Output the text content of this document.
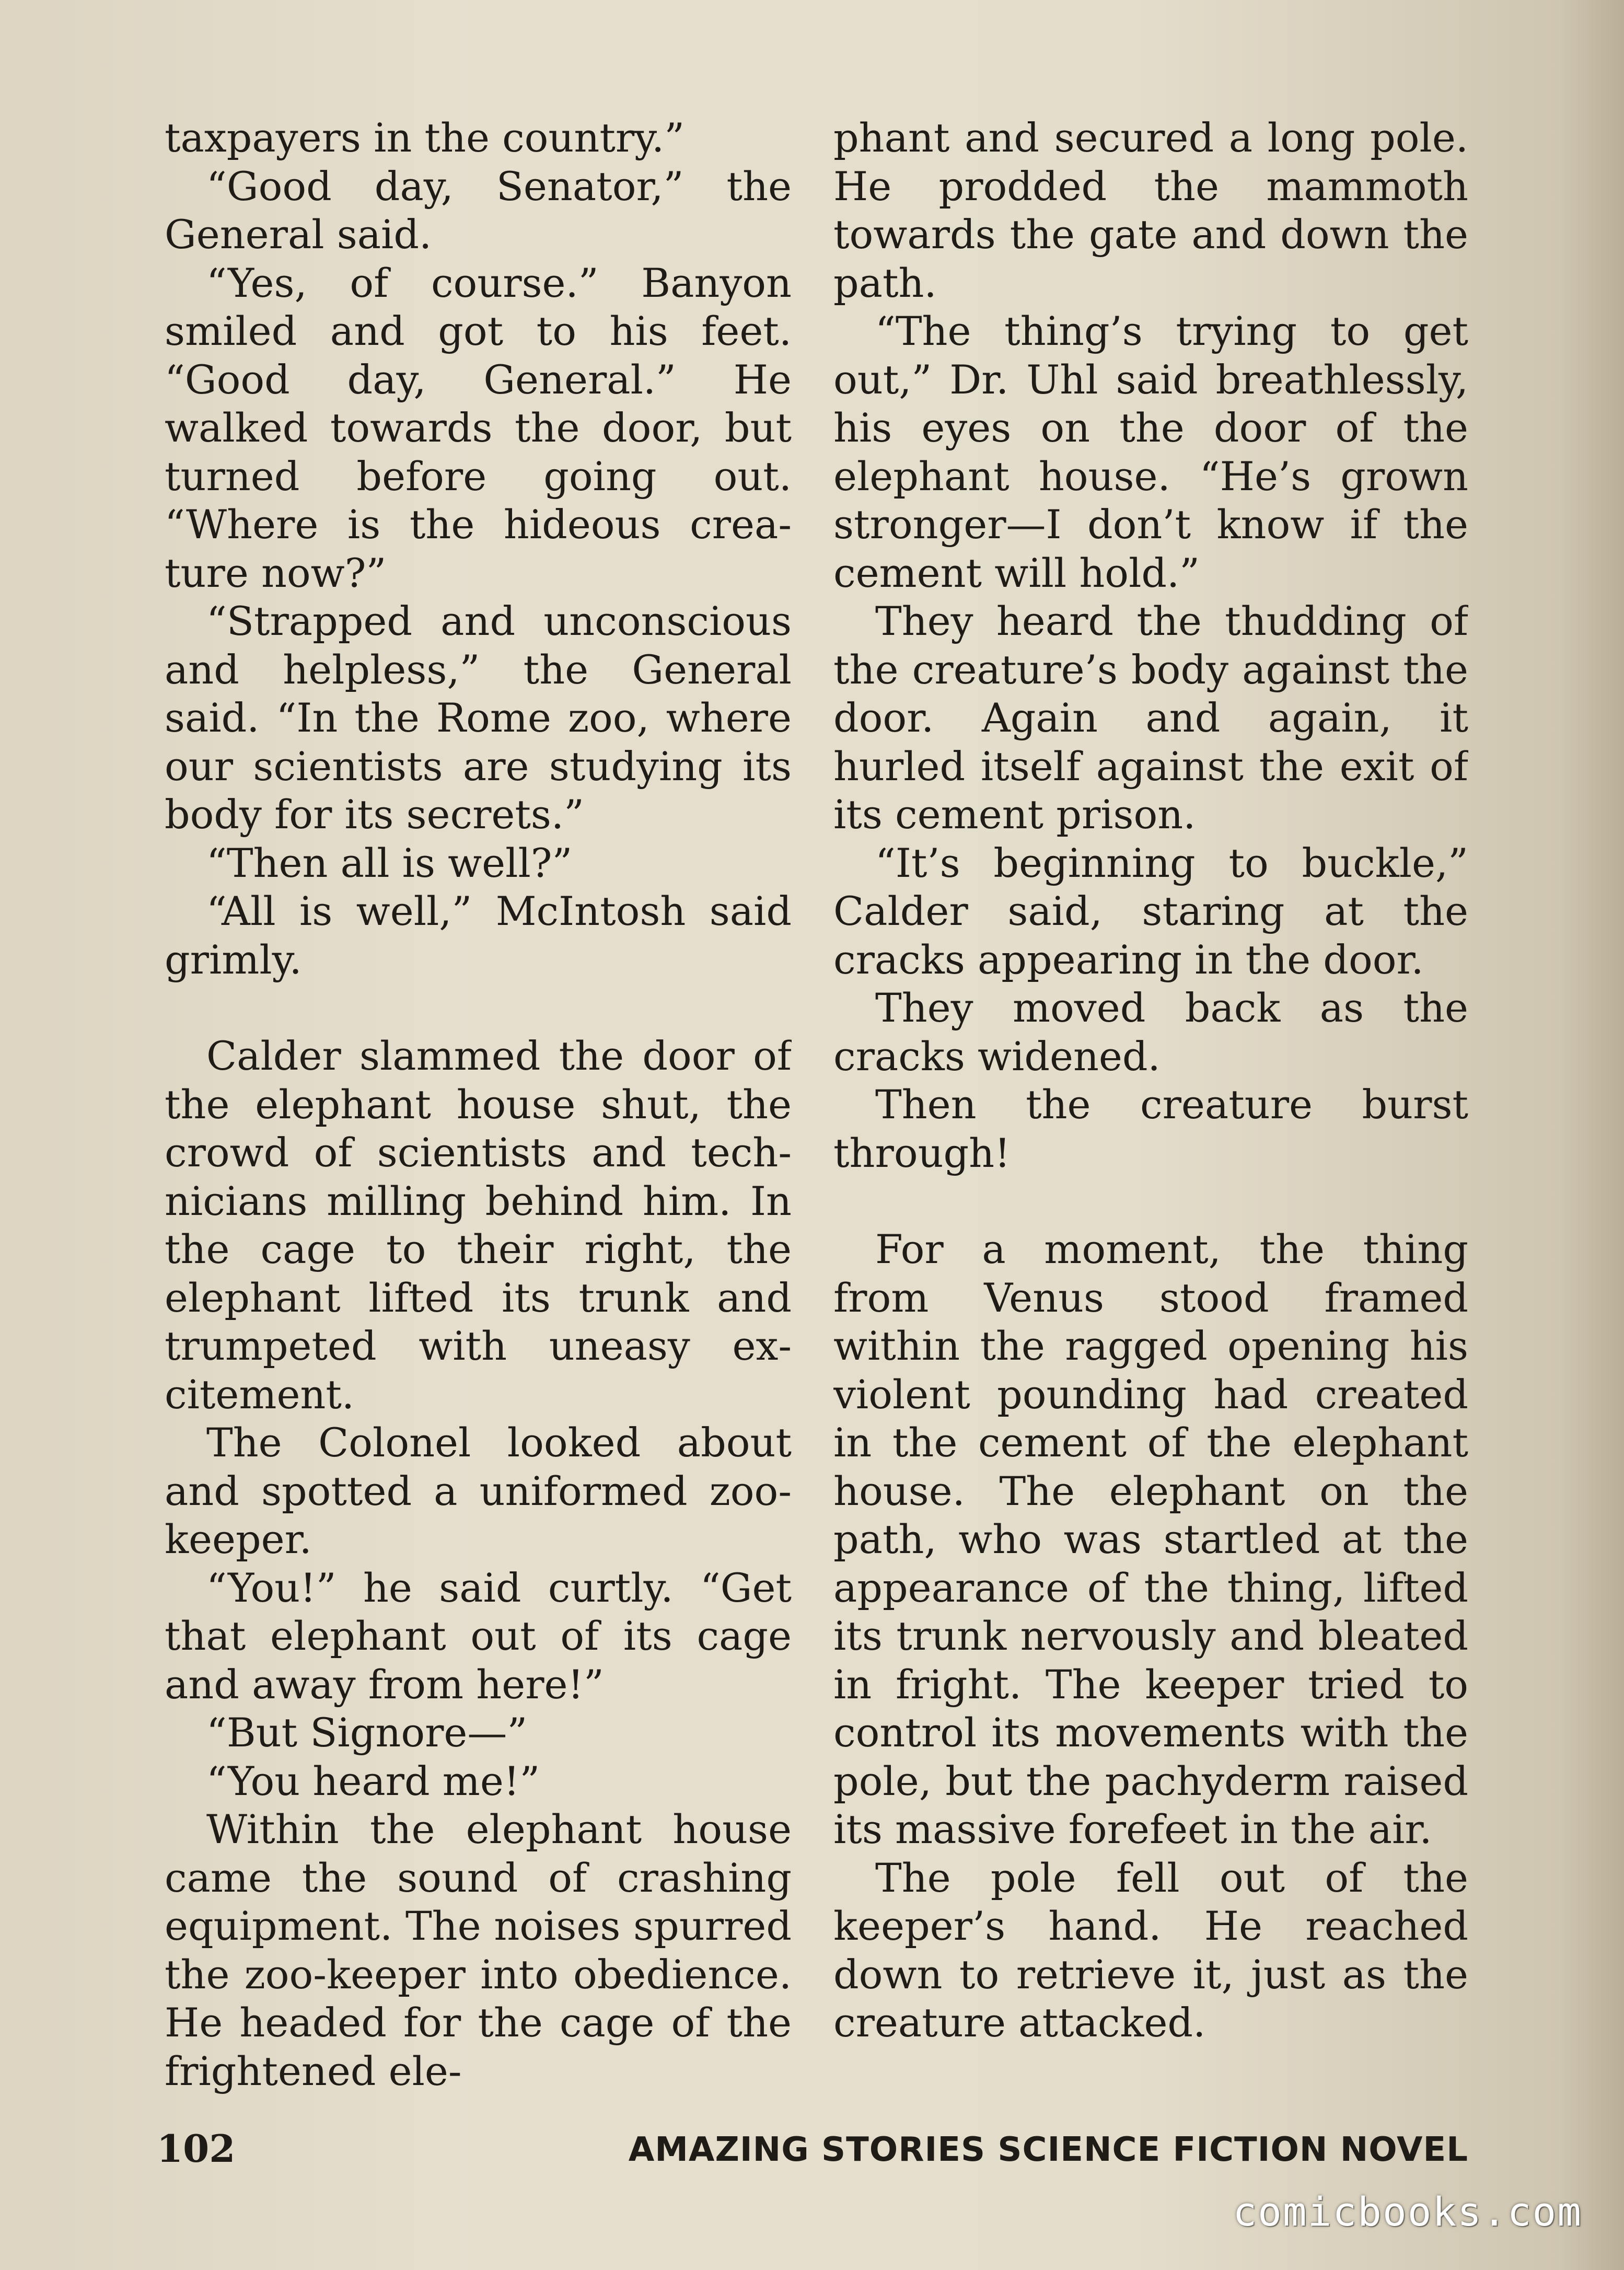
taxpayers in the country.”

“Good day, Senator,” the General said.

“Yes, of course.” Banyon smiled and got to his feet. “Good day, General.” He walked towards the door, but turned before going out. “Where is the hideous creature now?”

“Strapped and unconscious and helpless,” the General said. “In the Rome zoo, where our scientists are studying its body for its secrets.”

“Then all is well?”

“All is well,” McIntosh said grimly.

Calder slammed the door of the elephant house shut, the crowd of scientists and technicians milling behind him. In the cage to their right, the elephant lifted its trunk and trumpeted with uneasy excitement.

The Colonel looked about and spotted a uniformed zookeeper.

“You!” he said curtly. “Get that elephant out of its cage and away from here!”

“But Signore—”

“You heard me!”

Within the elephant house came the sound of crashing equipment. The noises spurred the zoo-keeper into obedience. He headed for the cage of the frightened ele-

phant and secured a long pole. He prodded the mammoth towards the gate and down the path.

“The thing’s trying to get out,” Dr. Uhl said breathlessly, his eyes on the door of the elephant house. “He’s grown stronger—I don’t know if the cement will hold.”

They heard the thudding of the creature’s body against the door. Again and again, it hurled itself against the exit of its cement prison.

“It’s beginning to buckle,” Calder said, staring at the cracks appearing in the door.

They moved back as the cracks widened.

Then the creature burst through!

For a moment, the thing from Venus stood framed within the ragged opening his violent pounding had created in the cement of the elephant house. The elephant on the path, who was startled at the appearance of the thing, lifted its trunk nervously and bleated in fright. The keeper tried to control its movements with the pole, but the pachyderm raised its massive forefeet in the air.

The pole fell out of the keeper’s hand. He reached down to retrieve it, just as the creature attacked.

102	AMAZING STORIES SCIENCE FICTION NOVEL
comicbooks.com
